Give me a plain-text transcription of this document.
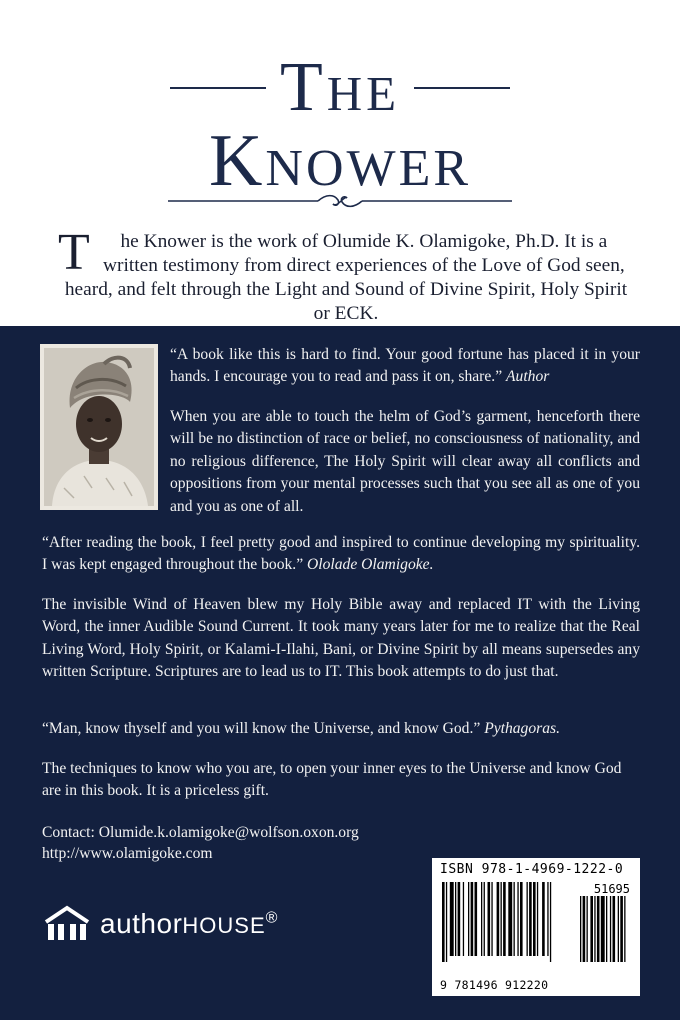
The
Knower
T he Knower is the work of Olumide K. Olamigoke, Ph.D. It is a written testimony from direct experiences of the Love of God seen, heard, and felt through the Light and Sound of Divine Spirit, Holy Spirit or ECK.
“A book like this is hard to find. Your good fortune has placed it in your hands. I encourage you to read and pass it on, share.” Author
When you are able to touch the helm of God’s garment, henceforth there will be no distinction of race or belief, no consciousness of nationality, and no religious difference, The Holy Spirit will clear away all conflicts and oppositions from your mental processes such that you see all as one of you and you as one of all.
“After reading the book, I feel pretty good and inspired to continue developing my spirituality. I was kept engaged throughout the book.” Ololade Olamigoke.
The invisible Wind of Heaven blew my Holy Bible away and replaced IT with the Living Word, the inner Audible Sound Current. It took many years later for me to realize that the Real Living Word, Holy Spirit, or Kalami-I-Ilahi, Bani, or Divine Spirit by all means supersedes any written Scripture. Scriptures are to lead us to IT. This book attempts to do just that.
“Man, know thyself and you will know the Universe, and know God.” Pythagoras.
The techniques to know who you are, to open your inner eyes to the Universe and know God are in this book. It is a priceless gift.
Contact: Olumide.k.olamigoke@wolfson.oxon.org
http://www.olamigoke.com
authorHOUSE®
ISBN 978-1-4969-1222-0
51695
9 781496 912220
